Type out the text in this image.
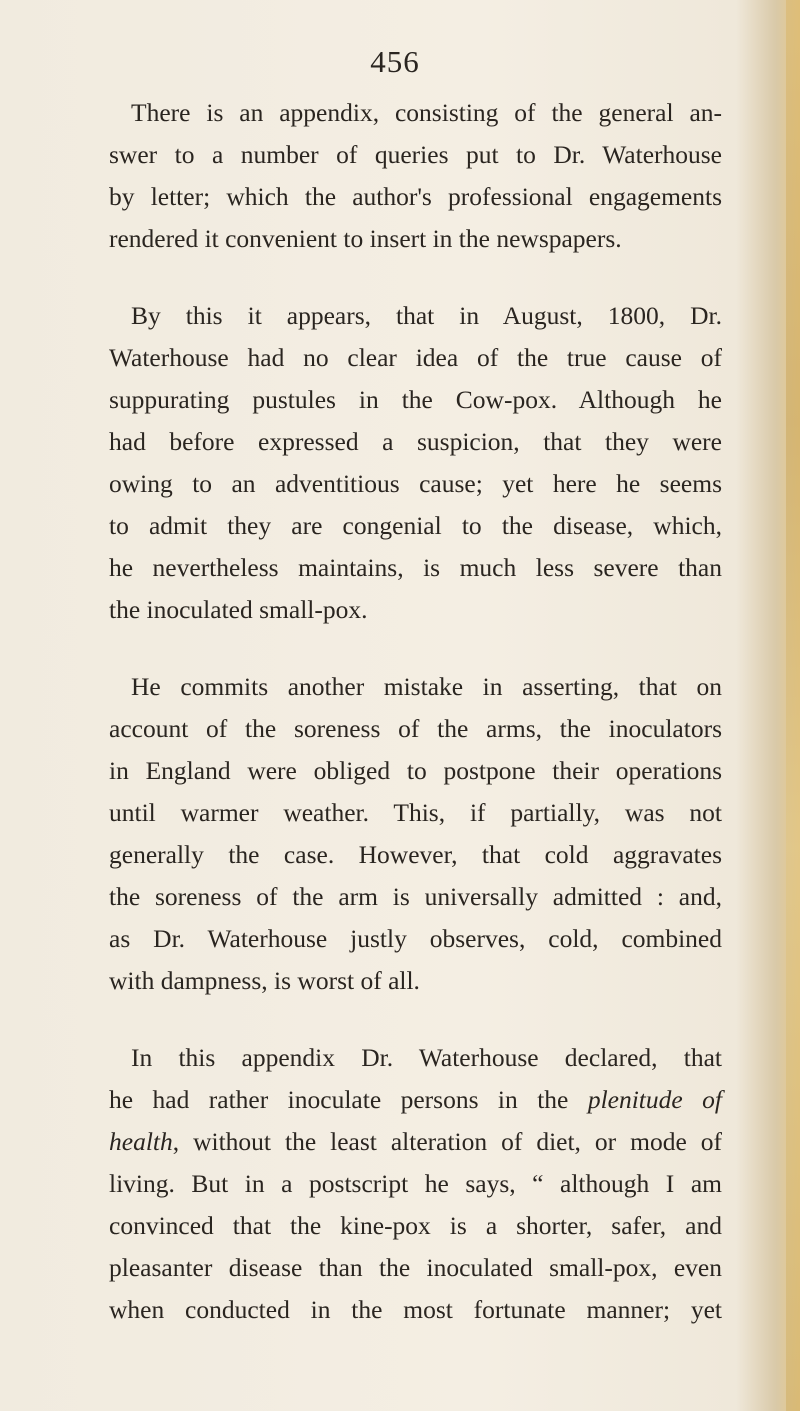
456

There is an appendix, consisting of the general an-
swer to a number of queries put to Dr. Waterhouse
by letter; which the author's professional engagements
rendered it convenient to insert in the newspapers.

By this it appears, that in August, 1800, Dr.
Waterhouse had no clear idea of the true cause of
suppurating pustules in the Cow-pox. Although he
had before expressed a suspicion, that they were
owing to an adventitious cause; yet here he seems
to admit they are congenial to the disease, which,
he nevertheless maintains, is much less severe than
the inoculated small-pox.

He commits another mistake in asserting, that on
account of the soreness of the arms, the inoculators
in England were obliged to postpone their operations
until warmer weather. This, if partially, was not
generally the case. However, that cold aggravates
the soreness of the arm is universally admitted : and,
as Dr. Waterhouse justly observes, cold, combined
with dampness, is worst of all.

In this appendix Dr. Waterhouse declared, that
he had rather inoculate persons in the plenitude of
health, without the least alteration of diet, or mode of
living. But in a postscript he says, “ although I am
convinced that the kine-pox is a shorter, safer, and
pleasanter disease than the inoculated small-pox, even
when conducted in the most fortunate manner; yet
